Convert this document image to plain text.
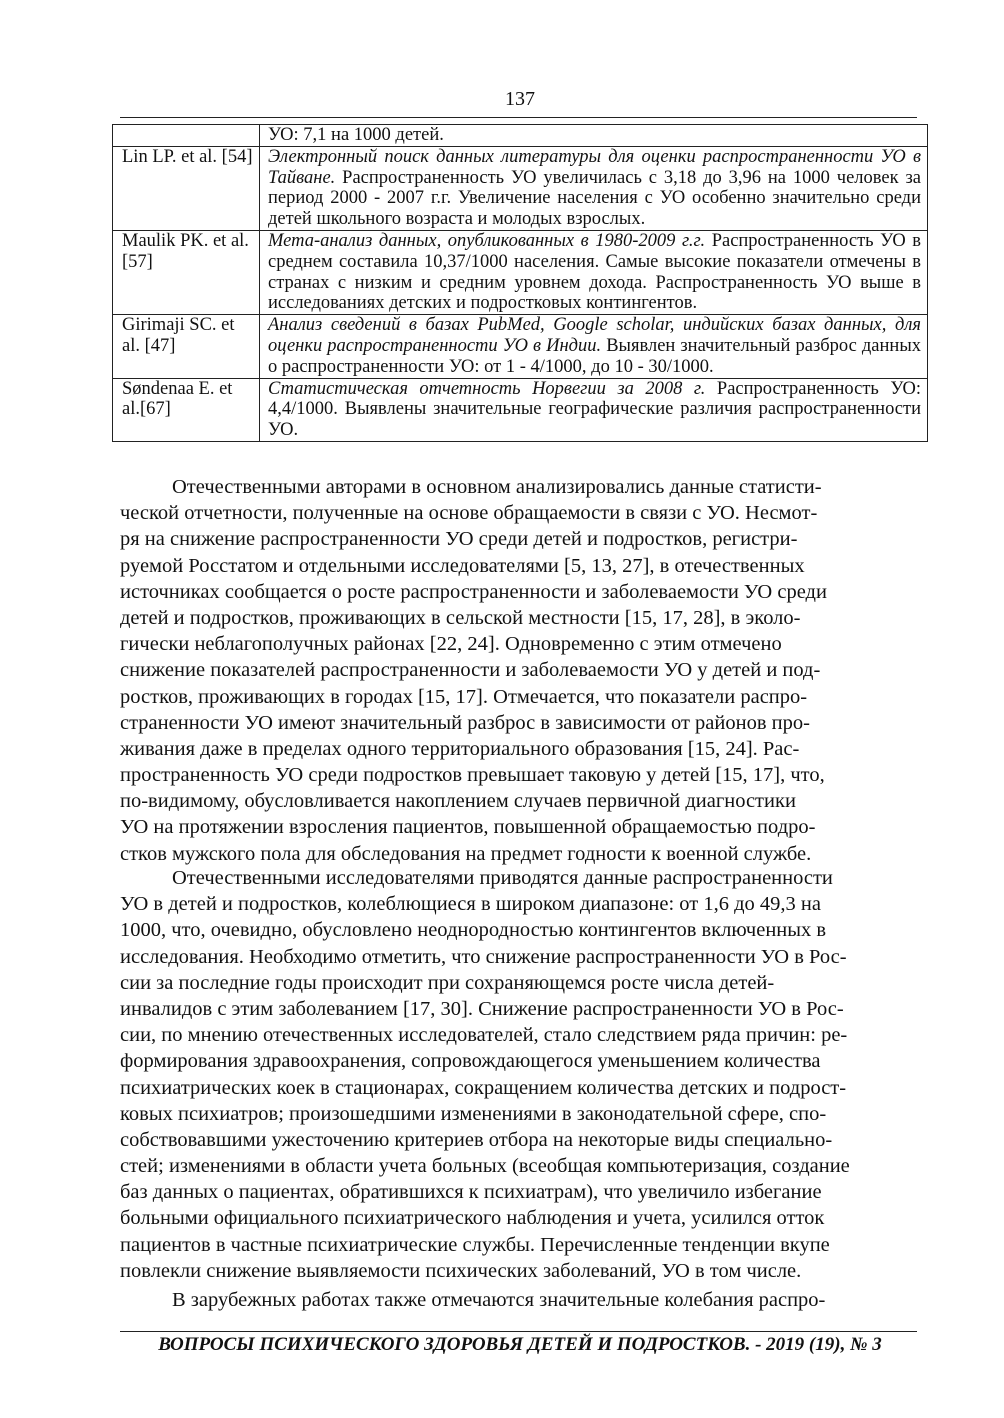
137
	УО: 7,1 на 1000 детей.
Lin LP. et al. [54]	Электронный поиск данных литературы для оценки распространенности УО в Тайване. Распространенность УО увеличилась с 3,18 до 3,96 на 1000 человек за период 2000 - 2007 г.г. Увеличение населения с УО особенно значительно среди детей школьного возраста и молодых взрослых.
Maulik PK. et al. [57]	Мета-анализ данных, опубликованных в 1980-2009 г.г. Распространенность УО в среднем составила 10,37/1000 населения. Самые высокие показатели отмечены в странах с низким и средним уровнем дохода. Распространенность УО выше в исследованиях детских и подростковых контингентов.
Girimaji SC. et al. [47]	Анализ сведений в базах PubMed, Google scholar, индийских базах данных, для оценки распространенности УО в Индии. Выявлен значительный разброс данных о распространенности УО: от 1 - 4/1000, до 10 - 30/1000.
Søndenaa E. et al.[67]	Статистическая отчетность Норвегии за 2008 г. Распространенность УО: 4,4/1000. Выявлены значительные географические различия распространенности УО.
Отечественными авторами в основном анализировались данные статисти-
ческой отчетности, полученные на основе обращаемости в связи с УО. Несмот-
ря на снижение распространенности УО среди детей и подростков, регистри-
руемой Росстатом и отдельными исследователями [5, 13, 27], в отечественных
источниках сообщается о росте распространенности и заболеваемости УО среди
детей и подростков, проживающих в сельской местности [15, 17, 28], в эколо-
гически неблагополучных районах [22, 24]. Одновременно с этим отмечено
снижение показателей распространенности и заболеваемости УО у детей и под-
ростков, проживающих в городах [15, 17]. Отмечается, что показатели распро-
страненности УО имеют значительный разброс в зависимости от районов про-
живания даже в пределах одного территориального образования [15, 24]. Рас-
пространенность УО среди подростков превышает таковую у детей [15, 17], что,
по-видимому, обусловливается накоплением случаев первичной диагностики
УО на протяжении взросления пациентов, повышенной обращаемостью подро-
стков мужского пола для обследования на предмет годности к военной службе.
Отечественными исследователями приводятся данные распространенности
УО в детей и подростков, колеблющиеся в широком диапазоне: от 1,6 до 49,3 на
1000, что, очевидно, обусловлено неоднородностью контингентов включенных в
исследования. Необходимо отметить, что снижение распространенности УО в Рос-
сии за последние годы происходит при сохраняющемся росте числа детей-
инвалидов с этим заболеванием [17, 30]. Снижение распространенности УО в Рос-
сии, по мнению отечественных исследователей, стало следствием ряда причин: ре-
формирования здравоохранения, сопровождающегося уменьшением количества
психиатрических коек в стационарах, сокращением количества детских и подрост-
ковых психиатров; произошедшими изменениями в законодательной сфере, спо-
собствовавшими ужесточению критериев отбора на некоторые виды специально-
стей; изменениями в области учета больных (всеобщая компьютеризация, создание
баз данных о пациентах, обратившихся к психиатрам), что увеличило избегание
больными официального психиатрического наблюдения и учета, усилился отток
пациентов в частные психиатрические службы. Перечисленные тенденции вкупе
повлекли снижение выявляемости психических заболеваний, УО в том числе.
В зарубежных работах также отмечаются значительные колебания распро-
ВОПРОСЫ ПСИХИЧЕСКОГО ЗДОРОВЬЯ ДЕТЕЙ И ПОДРОСТКОВ. - 2019 (19), № 3
